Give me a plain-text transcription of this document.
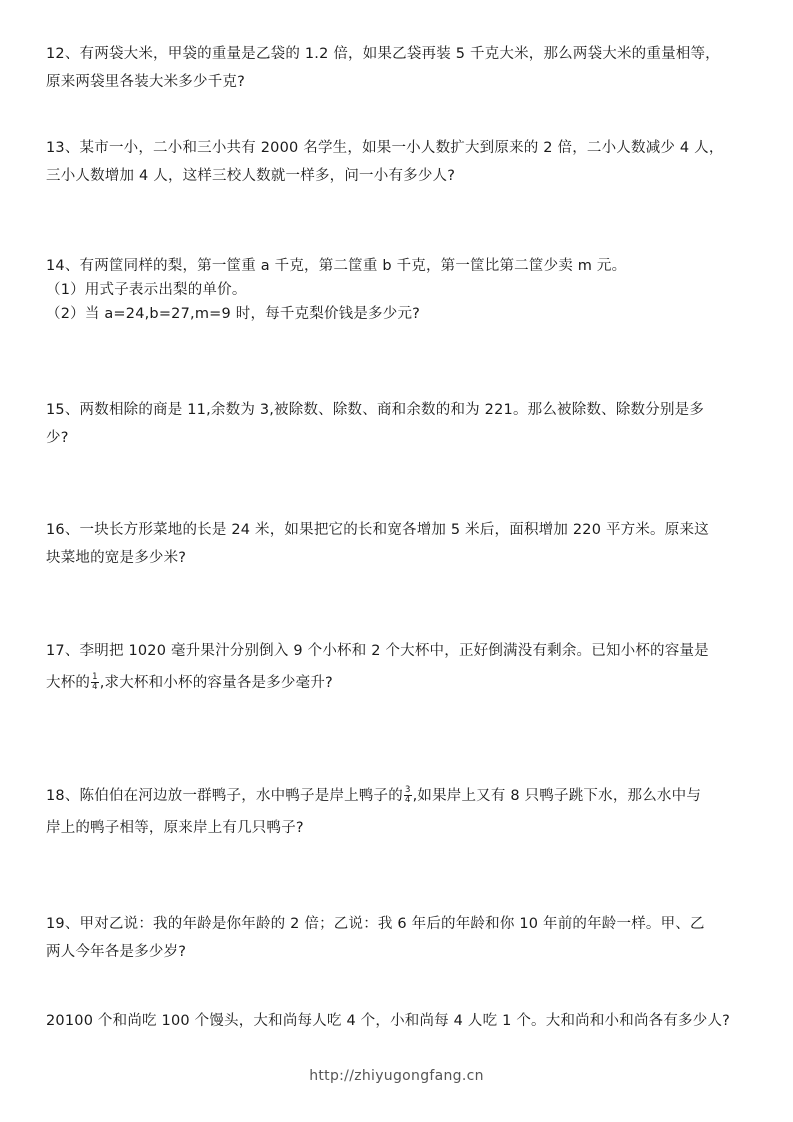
12、有两袋大米，甲袋的重量是乙袋的 1.2 倍，如果乙袋再装 5 千克大米，那么两袋大米的重量相等，
原来两袋里各装大米多少千克?
13、某市一小，二小和三小共有 2000 名学生，如果一小人数扩大到原来的 2 倍，二小人数减少 4 人，
三小人数增加 4 人，这样三校人数就一样多，问一小有多少人?
14、有两筐同样的梨，第一筐重 a 千克，第二筐重 b 千克，第一筐比第二筐少卖 m 元。
（1）用式子表示出梨的单价。
（2）当 a=24,b=27,m=9 时，每千克梨价钱是多少元?
15、两数相除的商是 11,余数为 3,被除数、除数、商和余数的和为 221。那么被除数、除数分别是多
少?
16、一块长方形菜地的长是 24 米，如果把它的长和宽各增加 5 米后，面积增加 220 平方米。原来这
块菜地的宽是多少米?
17、李明把 1020 毫升果汁分别倒入 9 个小杯和 2 个大杯中，正好倒满没有剩余。已知小杯的容量是
大杯的 $\frac{1}{4}$ ,求大杯和小杯的容量各是多少毫升?
18、陈伯伯在河边放一群鸭子，水中鸭子是岸上鸭子的 $\frac{3}{4}$ ,如果岸上又有 8 只鸭子跳下水，那么水中与
岸上的鸭子相等，原来岸上有几只鸭子?
19、甲对乙说：我的年龄是你年龄的 2 倍；乙说：我 6 年后的年龄和你 10 年前的年龄一样。甲、乙
两人今年各是多少岁?
20100 个和尚吃 100 个馒头，大和尚每人吃 4 个，小和尚每 4 人吃 1 个。大和尚和小和尚各有多少人?
http://zhiyugongfang.cn
